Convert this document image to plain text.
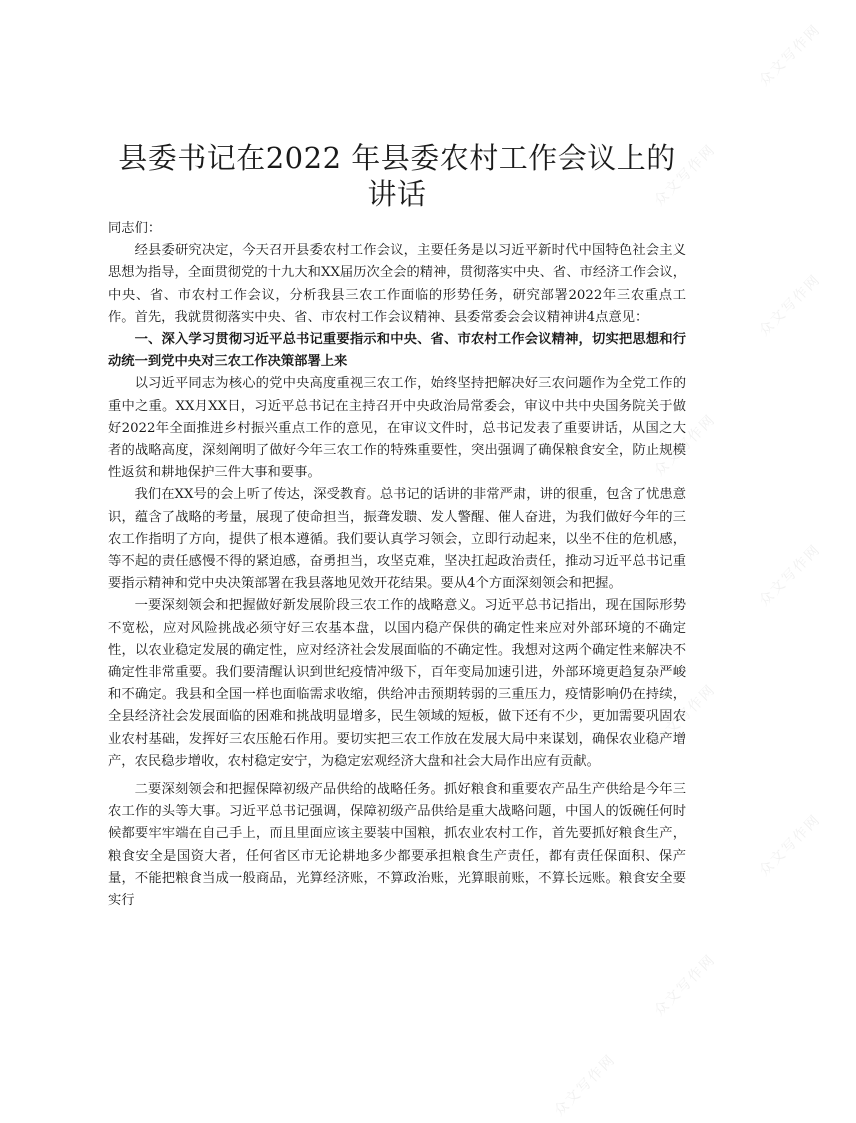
县委书记在2022 年县委农村工作会议上的讲话

同志们：

经县委研究决定，今天召开县委农村工作会议，主要任务是以习近平新时代中国特色社会主义思想为指导，全面贯彻党的十九大和XX届历次全会的精神，贯彻落实中央、省、市经济工作会议，中央、省、市农村工作会议，分析我县三农工作面临的形势任务，研究部署2022年三农重点工作。首先，我就贯彻落实中央、省、市农村工作会议精神、县委常委会会议精神讲4点意见：

一、深入学习贯彻习近平总书记重要指示和中央、省、市农村工作会议精神，切实把思想和行动统一到党中央对三农工作决策部署上来

以习近平同志为核心的党中央高度重视三农工作，始终坚持把解决好三农问题作为全党工作的重中之重。XX月XX日，习近平总书记在主持召开中央政治局常委会，审议中共中央国务院关于做好2022年全面推进乡村振兴重点工作的意见，在审议文件时，总书记发表了重要讲话，从国之大者的战略高度，深刻阐明了做好今年三农工作的特殊重要性，突出强调了确保粮食安全，防止规模性返贫和耕地保护三件大事和要事。

我们在XX号的会上听了传达，深受教育。总书记的话讲的非常严肃，讲的很重，包含了忧患意识，蕴含了战略的考量，展现了使命担当，振聋发聩、发人警醒、催人奋进，为我们做好今年的三农工作指明了方向，提供了根本遵循。我们要认真学习领会，立即行动起来，以坐不住的危机感，等不起的责任感慢不得的紧迫感，奋勇担当，攻坚克难，坚决扛起政治责任，推动习近平总书记重要指示精神和党中央决策部署在我县落地见效开花结果。要从4个方面深刻领会和把握。

一要深刻领会和把握做好新发展阶段三农工作的战略意义。习近平总书记指出，现在国际形势不宽松，应对风险挑战必须守好三农基本盘，以国内稳产保供的确定性来应对外部环境的不确定性，以农业稳定发展的确定性，应对经济社会发展面临的不确定性。我想对这两个确定性来解决不确定性非常重要。我们要清醒认识到世纪疫情冲级下，百年变局加速引进，外部环境更趋复杂严峻和不确定。我县和全国一样也面临需求收缩，供给冲击预期转弱的三重压力，疫情影响仍在持续，全县经济社会发展面临的困难和挑战明显增多，民生领域的短板，做下还有不少，更加需要巩固农业农村基础，发挥好三农压舱石作用。要切实把三农工作放在发展大局中来谋划，确保农业稳产增产，农民稳步增收，农村稳定安宁，为稳定宏观经济大盘和社会大局作出应有贡献。

二要深刻领会和把握保障初级产品供给的战略任务。抓好粮食和重要农产品生产供给是今年三农工作的头等大事。习近平总书记强调，保障初级产品供给是重大战略问题，中国人的饭碗任何时候都要牢牢端在自己手上，而且里面应该主要装中国粮，抓农业农村工作，首先要抓好粮食生产，粮食安全是国资大者，任何省区市无论耕地多少都要承担粮食生产责任，都有责任保面积、保产量，不能把粮食当成一般商品，光算经济账，不算政治账，光算眼前账，不算长远账。粮食安全要实行

众文写作网
众文写作网
众文写作网
众文写作网
众文写作网
众文写作网
众文写作网
众文写作网
众文写作网
